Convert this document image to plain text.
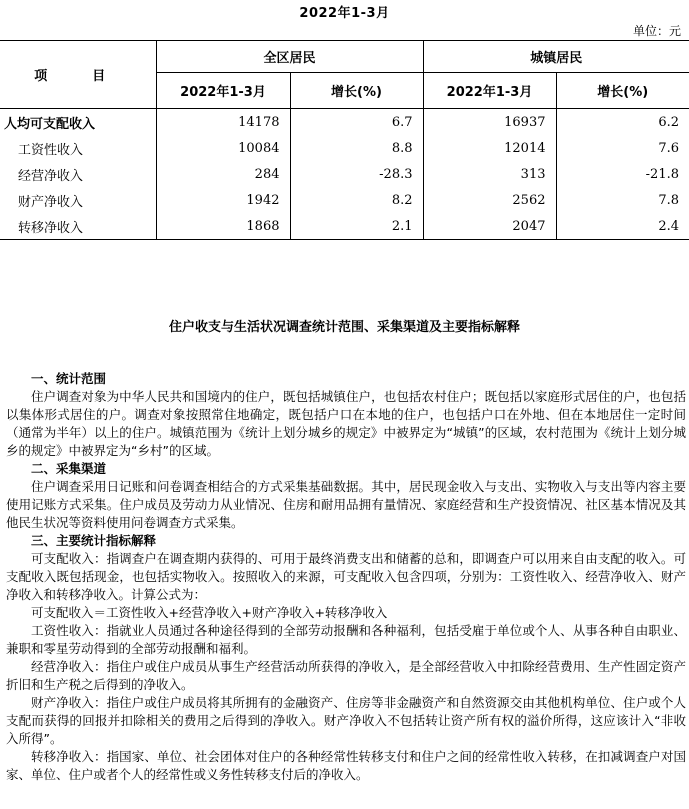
2022年1-3月
单位：元
项　目	全区居民		城镇居民	
	2022年1-3月	增长(%)	2022年1-3月	增长(%)
人均可支配收入	14178	6.7	16937	6.2
工资性收入	10084	8.8	12014	7.6
经营净收入	284	-28.3	313	-21.8
财产净收入	1942	8.2	2562	7.8
转移净收入	1868	2.1	2047	2.4
住户收支与生活状况调查统计范围、采集渠道及主要指标解释
一、统计范围

住户调查对象为中华人民共和国境内的住户，既包括城镇住户，也包括农村住户；既包括以家庭形式居住的户，也包括以集体形式居住的户。调查对象按照常住地确定，既包括户口在本地的住户，也包括户口在外地、但在本地居住一定时间（通常为半年）以上的住户。城镇范围为《统计上划分城乡的规定》中被界定为“城镇”的区域，农村范围为《统计上划分城乡的规定》中被界定为“乡村”的区域。

二、采集渠道

住户调查采用日记账和问卷调查相结合的方式采集基础数据。其中，居民现金收入与支出、实物收入与支出等内容主要使用记账方式采集。住户成员及劳动力从业情况、住房和耐用品拥有量情况、家庭经营和生产投资情况、社区基本情况及其他民生状况等资料使用问卷调查方式采集。

三、主要统计指标解释

可支配收入：指调查户在调查期内获得的、可用于最终消费支出和储蓄的总和，即调查户可以用来自由支配的收入。可支配收入既包括现金，也包括实物收入。按照收入的来源，可支配收入包含四项，分别为：工资性收入、经营净收入、财产净收入和转移净收入。计算公式为：

可支配收入＝工资性收入+经营净收入+财产净收入+转移净收入

工资性收入：指就业人员通过各种途径得到的全部劳动报酬和各种福利，包括受雇于单位或个人、从事各种自由职业、兼职和零星劳动得到的全部劳动报酬和福利。

经营净收入：指住户或住户成员从事生产经营活动所获得的净收入，是全部经营收入中扣除经营费用、生产性固定资产折旧和生产税之后得到的净收入。

财产净收入：指住户或住户成员将其所拥有的金融资产、住房等非金融资产和自然资源交由其他机构单位、住户或个人支配而获得的回报并扣除相关的费用之后得到的净收入。财产净收入不包括转让资产所有权的溢价所得，这应该计入“非收入所得”。

转移净收入：指国家、单位、社会团体对住户的各种经常性转移支付和住户之间的经常性收入转移，在扣减调查户对国家、单位、住户或者个人的经常性或义务性转移支付后的净收入。
